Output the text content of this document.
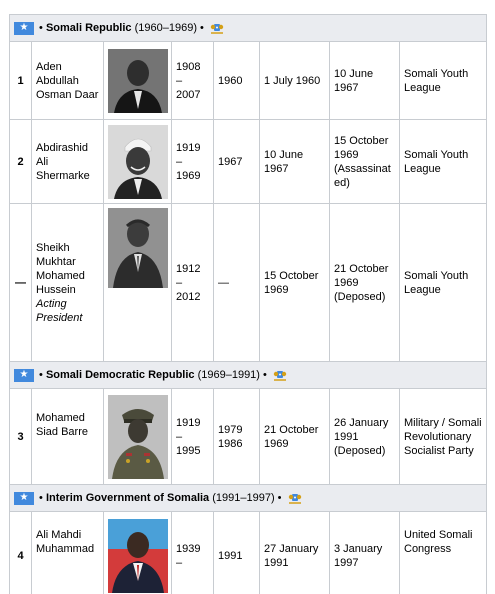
★ • Somali Republic (1960–1969) •							
1	Aden Abdullah Osman Daar		1908
–
2007	1960	1 July 1960	10 June 1967	Somali Youth League
2	Abdirashid Ali Shermarke		1919
–
1969	1967	10 June 1967	15 October 1969 (Assassinated)	Somali Youth League
—	Sheikh Mukhtar Mohamed Hussein
Acting President		1912
–
2012	—	15 October 1969	21 October 1969 (Deposed)	Somali Youth League

★ • Somali Democratic Republic (1969–1991) •							
3	Mohamed Siad Barre		1919
–
1995	1979 1986	21 October 1969	26 January 1991 (Deposed)	Military / Somali Revolutionary Socialist Party

★ • Interim Government of Somalia (1991–1997) •							
4	Ali Mahdi Muhammad		1939
–	1991	27 January 1991	3 January 1997	United Somali Congress
